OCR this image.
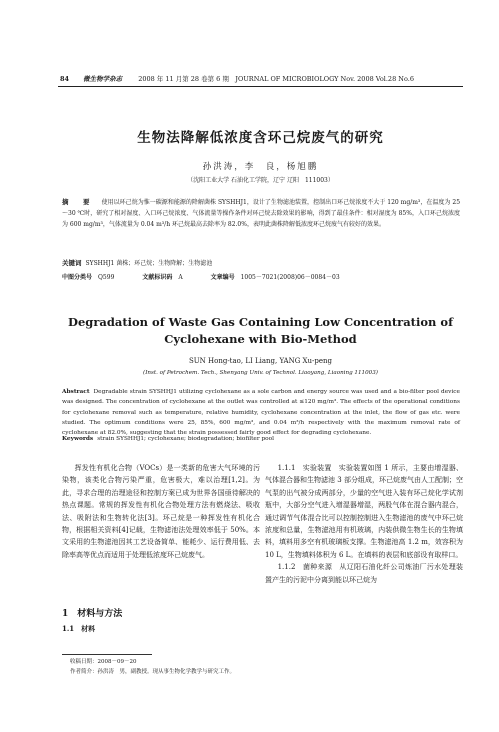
84 微生物学杂志 2008 年 11 月第 28 卷第 6 期　JOURNAL OF MICROBIOLOGY Nov. 2008 Vol.28 No.6
生物法降解低浓度含环己烷废气的研究
孙洪涛，李　良，杨旭鹏
（沈阳工业大学 石油化工学院，辽宁 辽阳　111003）
摘　要 使用以环己烷为惟一碳源和能源的降解菌株 SYSHHJ1，设计了生物滤池装置，控制出口环己烷浓度不大于 120 mg/m³，在温度为 25～30 ℃时，研究了相对湿度、入口环己烷浓度、气体流量等操作条件对环己烷去除效果的影响，得到了最佳条件：相对湿度为 85%，入口环己烷浓度为 600 mg/m³，气体流量为 0.04 m³/h 环己烷最高去除率为 82.0%，表明此菌株降解低浓度环己烷废气有较好的效果。
关键词 SYSHHJ1 菌株；环己烷；生物降解；生物滤池
中图分类号 Q599	文献标识码 A	文章编号 1005－7021(2008)06－0084－03
Degradation of Waste Gas Containing Low Concentration of Cyclohexane with Bio-Method
SUN Hong-tao, LI Liang, YANG Xu-peng
(Inst. of Petrochem. Tech., Shenyang Univ. of Technol. Liaoyang, Liaoning 111003)
Abstract Degradable strain SYSHHJ1 utilizing cyclohexane as a sole carbon and energy source was used and a bio-filter pool device was designed. The concentration of cyclohexane at the outlet was controlled at ≤120 mg/m³. The effects of the operational conditions for cyclohexane removal such as temperature, relative humidity, cyclohexane concentration at the inlet, the flow of gas etc. were studied. The optimum conditions were 25, 85%, 600 mg/m³, and 0.04 m³/h respectively with the maximum removal rate of cyclohexane at 82.0%, suggesting that the strain possessed fairly good effect for degrading cyclohexane.
Keywords strain SYSHHJ1; cyclohexane; biodegradation; biofilter pool

挥发性有机化合物（VOCs）是一类新的危害大气环境的污染物，该类化合物污染严重，危害极大，难以治理[1,2]。为此，寻求合理的治理途径和控制方案已成为世界各国亟待解决的热点课题。常规的挥发性有机化合物处理方法有燃烧法、吸收法、吸附法和生物转化法[3]。环己烷是一种挥发性有机化合物，根据相关资料[4]记载，生物滤池法处理效率低于 50%。本文采用的生物滤池因其工艺设备简单、能耗少、运行费用低、去除率高等优点而适用于处理低浓度环己烷废气。

1　材料与方法
1.1　材料

1.1.1　实验装置　实验装置如图 1 所示，主要由增湿器、气体混合器和生物滤池 3 部分组成，环己烷废气由人工配制；空气泵的出气被分成两部分，少量的空气进入装有环己烷化学试剂瓶中，大部分空气进入增湿器增湿，两股气体在混合器内混合，通过调节气体混合比可以控制控制进入生物滤池的废气中环己烷浓度和总量，生物滤池用有机玻璃，内装供微生物生长的生物填料，填料用多空有机玻璃板支撑。生物滤池高 1.2 m，效容积为 10 L，生物填料体积为 6 L。在填料的表层和底部设有取样口。

1.1.2　菌种来源　从辽阳石油化纤公司炼油厂污水处理装置产生的污泥中分离到能以环己烷为

收稿日期：2008－09－20
作者简介：孙洪涛　男，副教授。现从事生物化学教学与研究工作。
